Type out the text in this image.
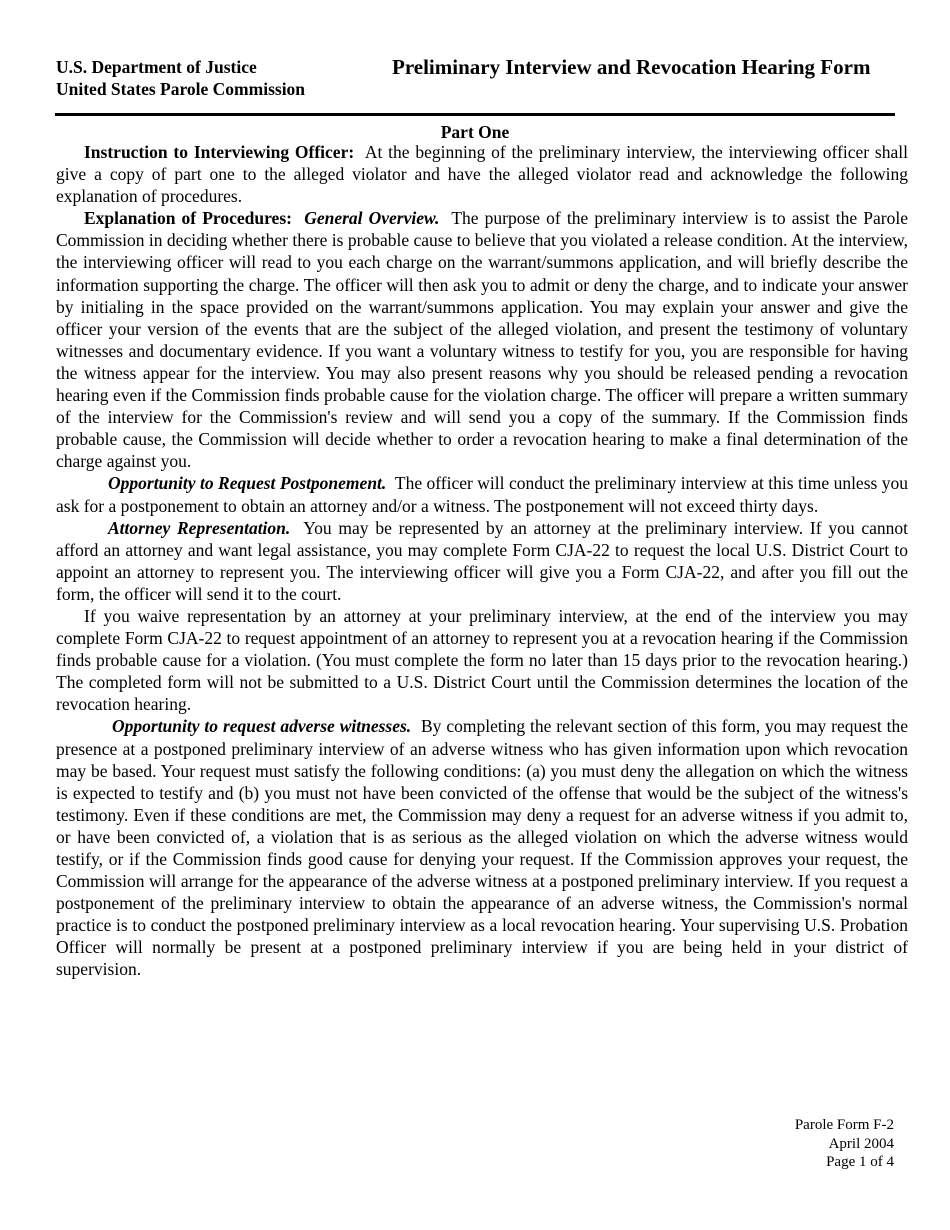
U.S. Department of Justice
United States Parole Commission
Preliminary Interview and Revocation Hearing Form
Part One

Instruction to Interviewing Officer: At the beginning of the preliminary interview, the interviewing officer shall give a copy of part one to the alleged violator and have the alleged violator read and acknowledge the following explanation of procedures.

Explanation of Procedures: General Overview. The purpose of the preliminary interview is to assist the Parole Commission in deciding whether there is probable cause to believe that you violated a release condition. At the interview, the interviewing officer will read to you each charge on the warrant/summons application, and will briefly describe the information supporting the charge. The officer will then ask you to admit or deny the charge, and to indicate your answer by initialing in the space provided on the warrant/summons application. You may explain your answer and give the officer your version of the events that are the subject of the alleged violation, and present the testimony of voluntary witnesses and documentary evidence. If you want a voluntary witness to testify for you, you are responsible for having the witness appear for the interview. You may also present reasons why you should be released pending a revocation hearing even if the Commission finds probable cause for the violation charge. The officer will prepare a written summary of the interview for the Commission's review and will send you a copy of the summary. If the Commission finds probable cause, the Commission will decide whether to order a revocation hearing to make a final determination of the charge against you.

Opportunity to Request Postponement. The officer will conduct the preliminary interview at this time unless you ask for a postponement to obtain an attorney and/or a witness. The postponement will not exceed thirty days.

Attorney Representation. You may be represented by an attorney at the preliminary interview. If you cannot afford an attorney and want legal assistance, you may complete Form CJA-22 to request the local U.S. District Court to appoint an attorney to represent you. The interviewing officer will give you a Form CJA-22, and after you fill out the form, the officer will send it to the court.

If you waive representation by an attorney at your preliminary interview, at the end of the interview you may complete Form CJA-22 to request appointment of an attorney to represent you at a revocation hearing if the Commission finds probable cause for a violation. (You must complete the form no later than 15 days prior to the revocation hearing.) The completed form will not be submitted to a U.S. District Court until the Commission determines the location of the revocation hearing.

Opportunity to request adverse witnesses. By completing the relevant section of this form, you may request the presence at a postponed preliminary interview of an adverse witness who has given information upon which revocation may be based. Your request must satisfy the following conditions: (a) you must deny the allegation on which the witness is expected to testify and (b) you must not have been convicted of the offense that would be the subject of the witness's testimony. Even if these conditions are met, the Commission may deny a request for an adverse witness if you admit to, or have been convicted of, a violation that is as serious as the alleged violation on which the adverse witness would testify, or if the Commission finds good cause for denying your request. If the Commission approves your request, the Commission will arrange for the appearance of the adverse witness at a postponed preliminary interview. If you request a postponement of the preliminary interview to obtain the appearance of an adverse witness, the Commission's normal practice is to conduct the postponed preliminary interview as a local revocation hearing. Your supervising U.S. Probation Officer will normally be present at a postponed preliminary interview if you are being held in your district of supervision.

Parole Form F-2
April 2004
Page 1 of 4
